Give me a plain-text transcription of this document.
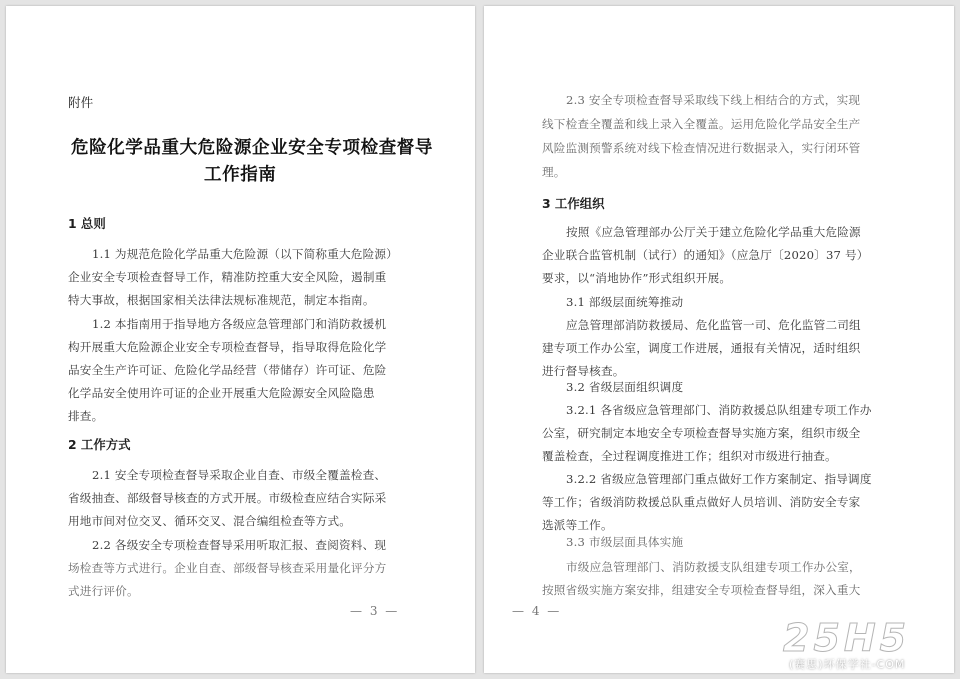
附件
危险化学品重大危险源企业安全专项检查督导
工作指南
1 总则
1.1 为规范危险化学品重大危险源（以下简称重大危险源）
企业安全专项检查督导工作，精准防控重大安全风险，遏制重
特大事故，根据国家相关法律法规标准规范，制定本指南。
1.2 本指南用于指导地方各级应急管理部门和消防救援机
构开展重大危险源企业安全专项检查督导，指导取得危险化学
品安全生产许可证、危险化学品经营（带储存）许可证、危险
化学品安全使用许可证的企业开展重大危险源安全风险隐患
排查。
2 工作方式
2.1 安全专项检查督导采取企业自查、市级全覆盖检查、
省级抽查、部级督导核查的方式开展。市级检查应结合实际采
用地市间对位交叉、循环交叉、混合编组检查等方式。
2.2 各级安全专项检查督导采用听取汇报、查阅资料、现
场检查等方式进行。企业自查、部级督导核查采用量化评分方
式进行评价。
— 3 —
2.3 安全专项检查督导采取线下线上相结合的方式，实现
线下检查全覆盖和线上录入全覆盖。运用危险化学品安全生产
风险监测预警系统对线下检查情况进行数据录入，实行闭环管
理。
3 工作组织
按照《应急管理部办公厅关于建立危险化学品重大危险源
企业联合监管机制（试行）的通知》（应急厅〔2020〕37 号）
要求，以“消地协作”形式组织开展。
3.1 部级层面统筹推动
应急管理部消防救援局、危化监管一司、危化监管二司组
建专项工作办公室，调度工作进展，通报有关情况，适时组织
进行督导核查。
3.2 省级层面组织调度
3.2.1 各省级应急管理部门、消防救援总队组建专项工作办
公室，研究制定本地安全专项检查督导实施方案，组织市级全
覆盖检查，全过程调度推进工作；组织对市级进行抽查。
3.2.2 省级应急管理部门重点做好工作方案制定、指导调度
等工作；省级消防救援总队重点做好人员培训、消防安全专家
选派等工作。
3.3 市级层面具体实施
市级应急管理部门、消防救援支队组建专项工作办公室，
按照省级实施方案安排，组建安全专项检查督导组，深入重大
— 4 —
25H5
(赛思)环保学社-COM
